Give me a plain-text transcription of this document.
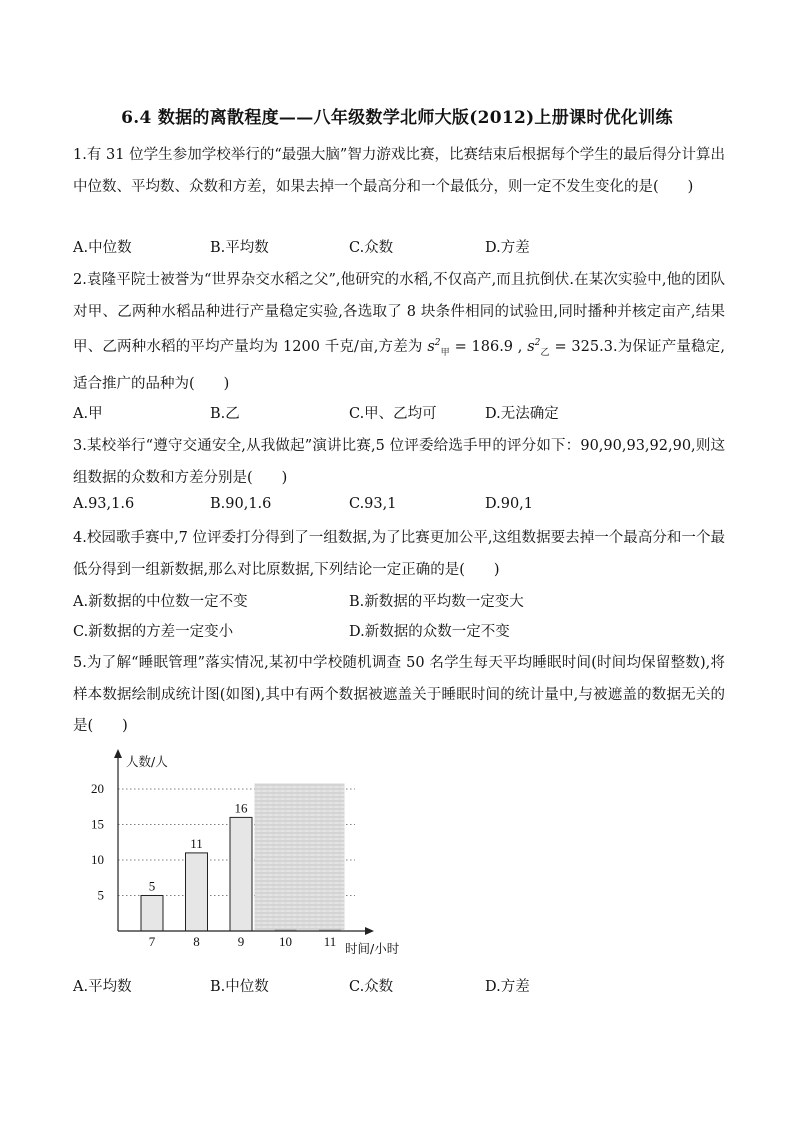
6.4 数据的离散程度——八年级数学北师大版(2012)上册课时优化训练
1.有 31 位学生参加学校举行的“最强大脑”智力游戏比赛，比赛结束后根据每个学生的最后得分计算出中位数、平均数、众数和方差，如果去掉一个最高分和一个最低分，则一定不发生变化的是(　　)
A.中位数	B.平均数	C.众数	D.方差
2.袁隆平院士被誉为“世界杂交水稻之父”,他研究的水稻,不仅高产,而且抗倒伏.在某次实验中,他的团队对甲、乙两种水稻品种进行产量稳定实验,各选取了 8 块条件相同的试验田,同时播种并核定亩产,结果甲、乙两种水稻的平均产量均为 1200 千克/亩,方差为 $s^2_甲 = 186.9$ , $s^2_乙 = 325.3$.为保证产量稳定,适合推广的品种为(　　)
A.甲	B.乙	C.甲、乙均可	D.无法确定
3.某校举行“遵守交通安全,从我做起”演讲比赛,5 位评委给选手甲的评分如下：90,90,93,92,90,则这组数据的众数和方差分别是(　　)
A.93,1.6	B.90,1.6	C.93,1	D.90,1
4.校园歌手赛中,7 位评委打分得到了一组数据,为了比赛更加公平,这组数据要去掉一个最高分和一个最低分得到一组新数据,那么对比原数据,下列结论一定正确的是(　　)
A.新数据的中位数一定不变	B.新数据的平均数一定变大
C.新数据的方差一定变小	D.新数据的众数一定不变
5.为了解“睡眠管理”落实情况,某初中学校随机调查 50 名学生每天平均睡眠时间(时间均保留整数),将样本数据绘制成统计图(如图),其中有两个数据被遮盖关于睡眠时间的统计量中,与被遮盖的数据无关的是(　　)
5
10
15
20
5
7
11
8
16
9	10 11
人数/人
时间/小时
A.平均数	B.中位数	C.众数	D.方差
